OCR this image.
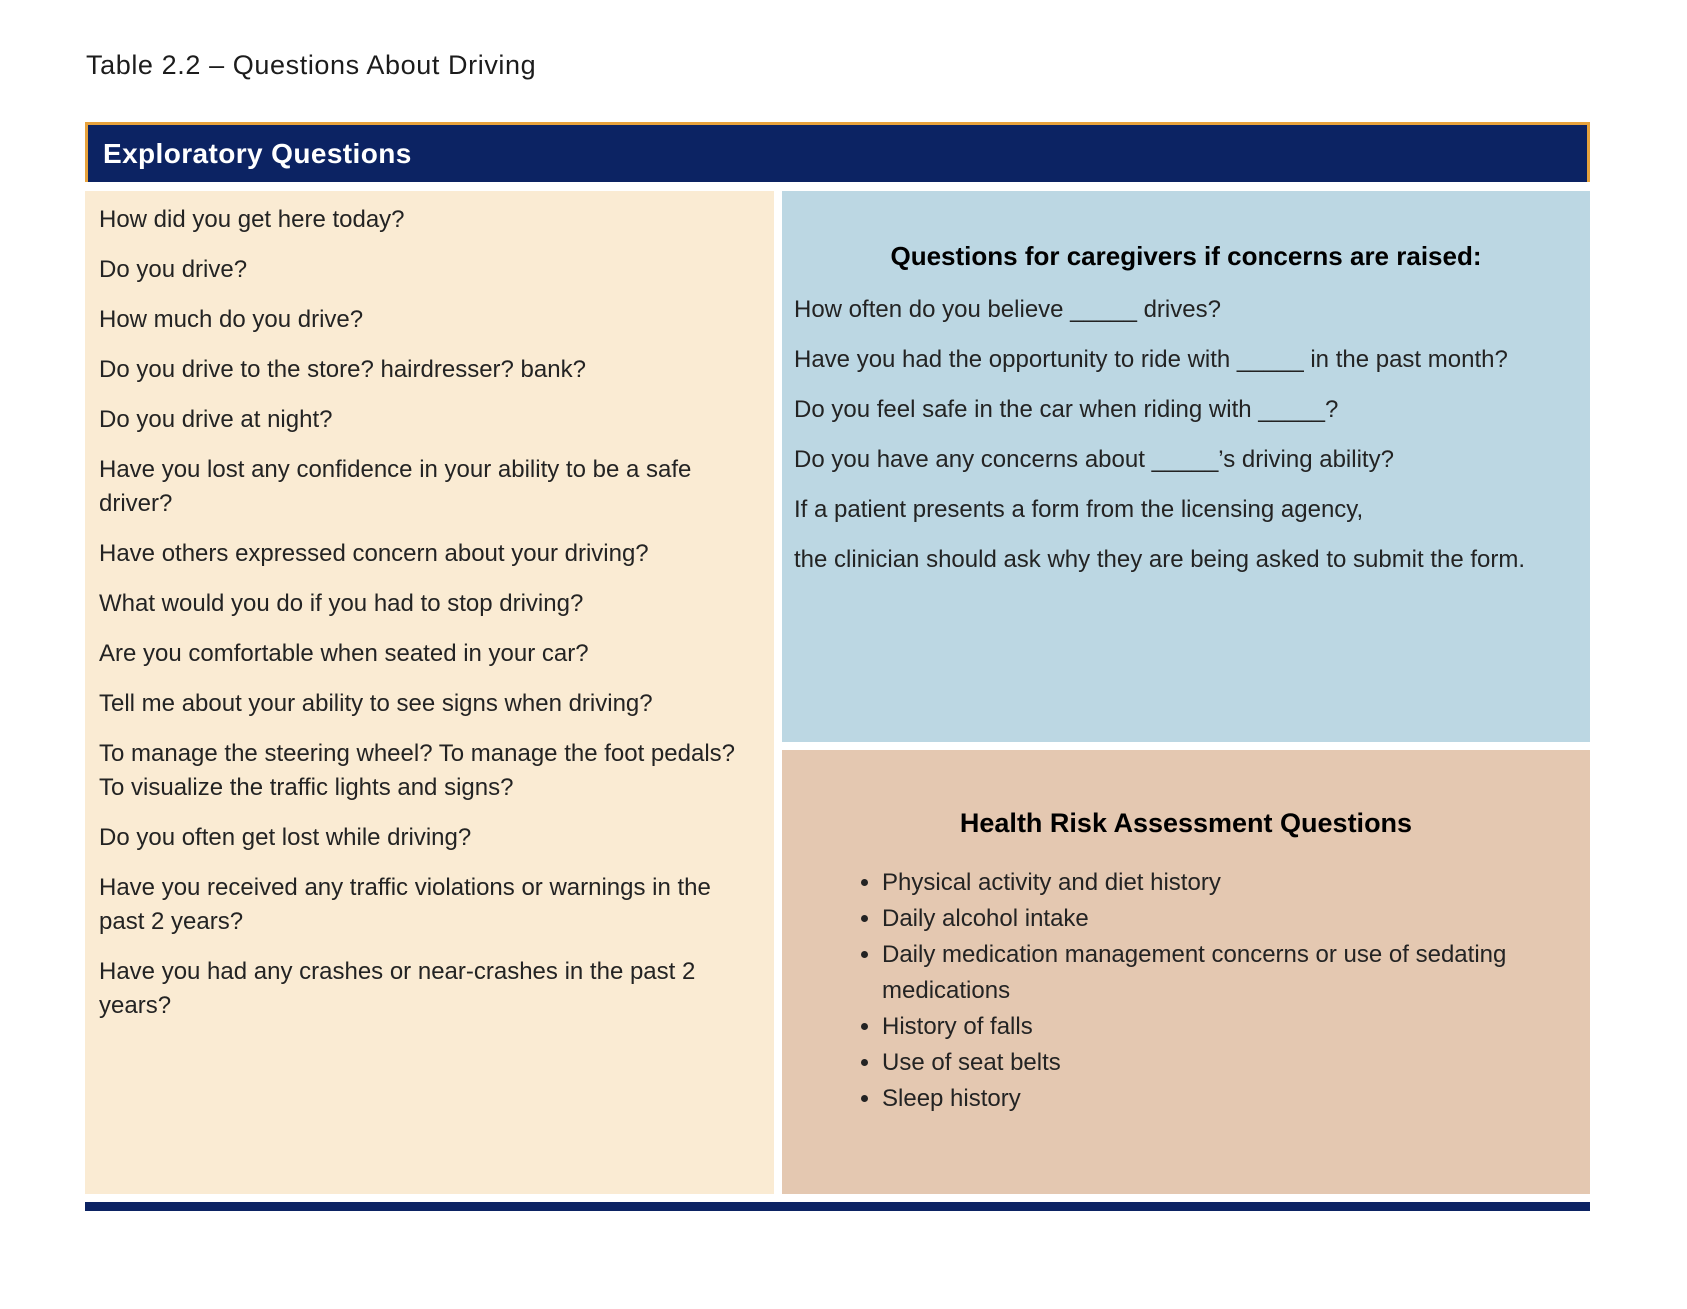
Table 2.2 – Questions About Driving
Exploratory Questions

How did you get here today?

Do you drive?

How much do you drive?

Do you drive to the store? hairdresser? bank?

Do you drive at night?

Have you lost any confidence in your ability to be a safe driver?

Have others expressed concern about your driving?

What would you do if you had to stop driving?

Are you comfortable when seated in your car?

Tell me about your ability to see signs when driving?

To manage the steering wheel? To manage the foot pedals? To visualize the traffic lights and signs?

Do you often get lost while driving?

Have you received any traffic violations or warnings in the past 2 years?

Have you had any crashes or near-crashes in the past 2 years?

Questions for caregivers if concerns are raised:

How often do you believe _____ drives?

Have you had the opportunity to ride with _____ in the past month?

Do you feel safe in the car when riding with _____?

Do you have any concerns about _____’s driving ability?

If a patient presents a form from the licensing agency,

the clinician should ask why they are being asked to submit the form.

Health Risk Assessment Questions

• Physical activity and diet history
• Daily alcohol intake
• Daily medication management concerns or use of sedating medications
• History of falls
• Use of seat belts
• Sleep history
